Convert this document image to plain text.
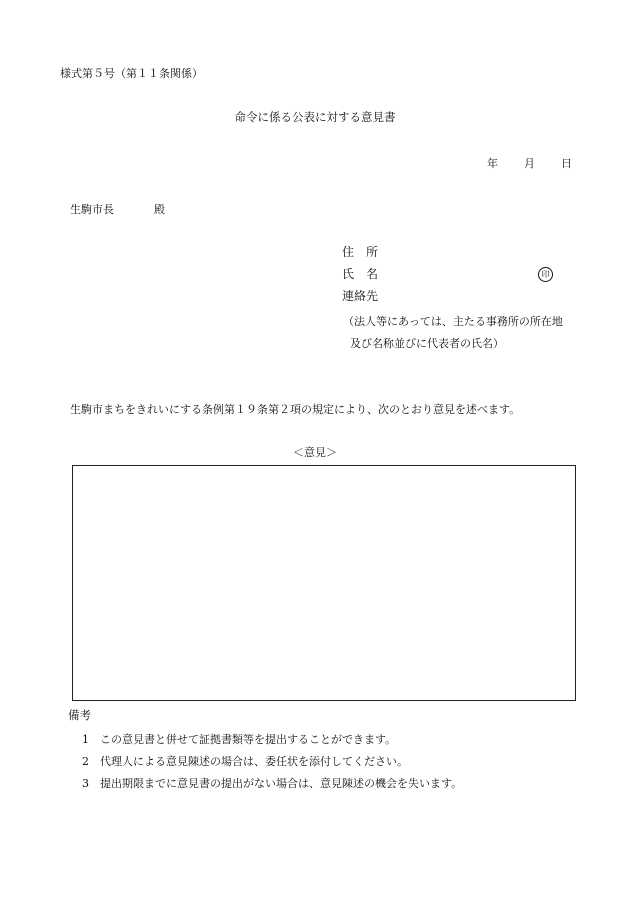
様式第５号（第１１条関係）
命令に係る公表に対する意見書
年 月 日
生駒市長	殿
住　所
氏　名	印
連絡先
（法人等にあっては、主たる事務所の所在地
及び名称並びに代表者の氏名）
生駒市まちをきれいにする条例第１９条第２項の規定により、次のとおり意見を述べます。
＜意見＞
備考
1 この意見書と併せて証拠書類等を提出することができます。
2 代理人による意見陳述の場合は、委任状を添付してください。
3 提出期限までに意見書の提出がない場合は、意見陳述の機会を失います。
